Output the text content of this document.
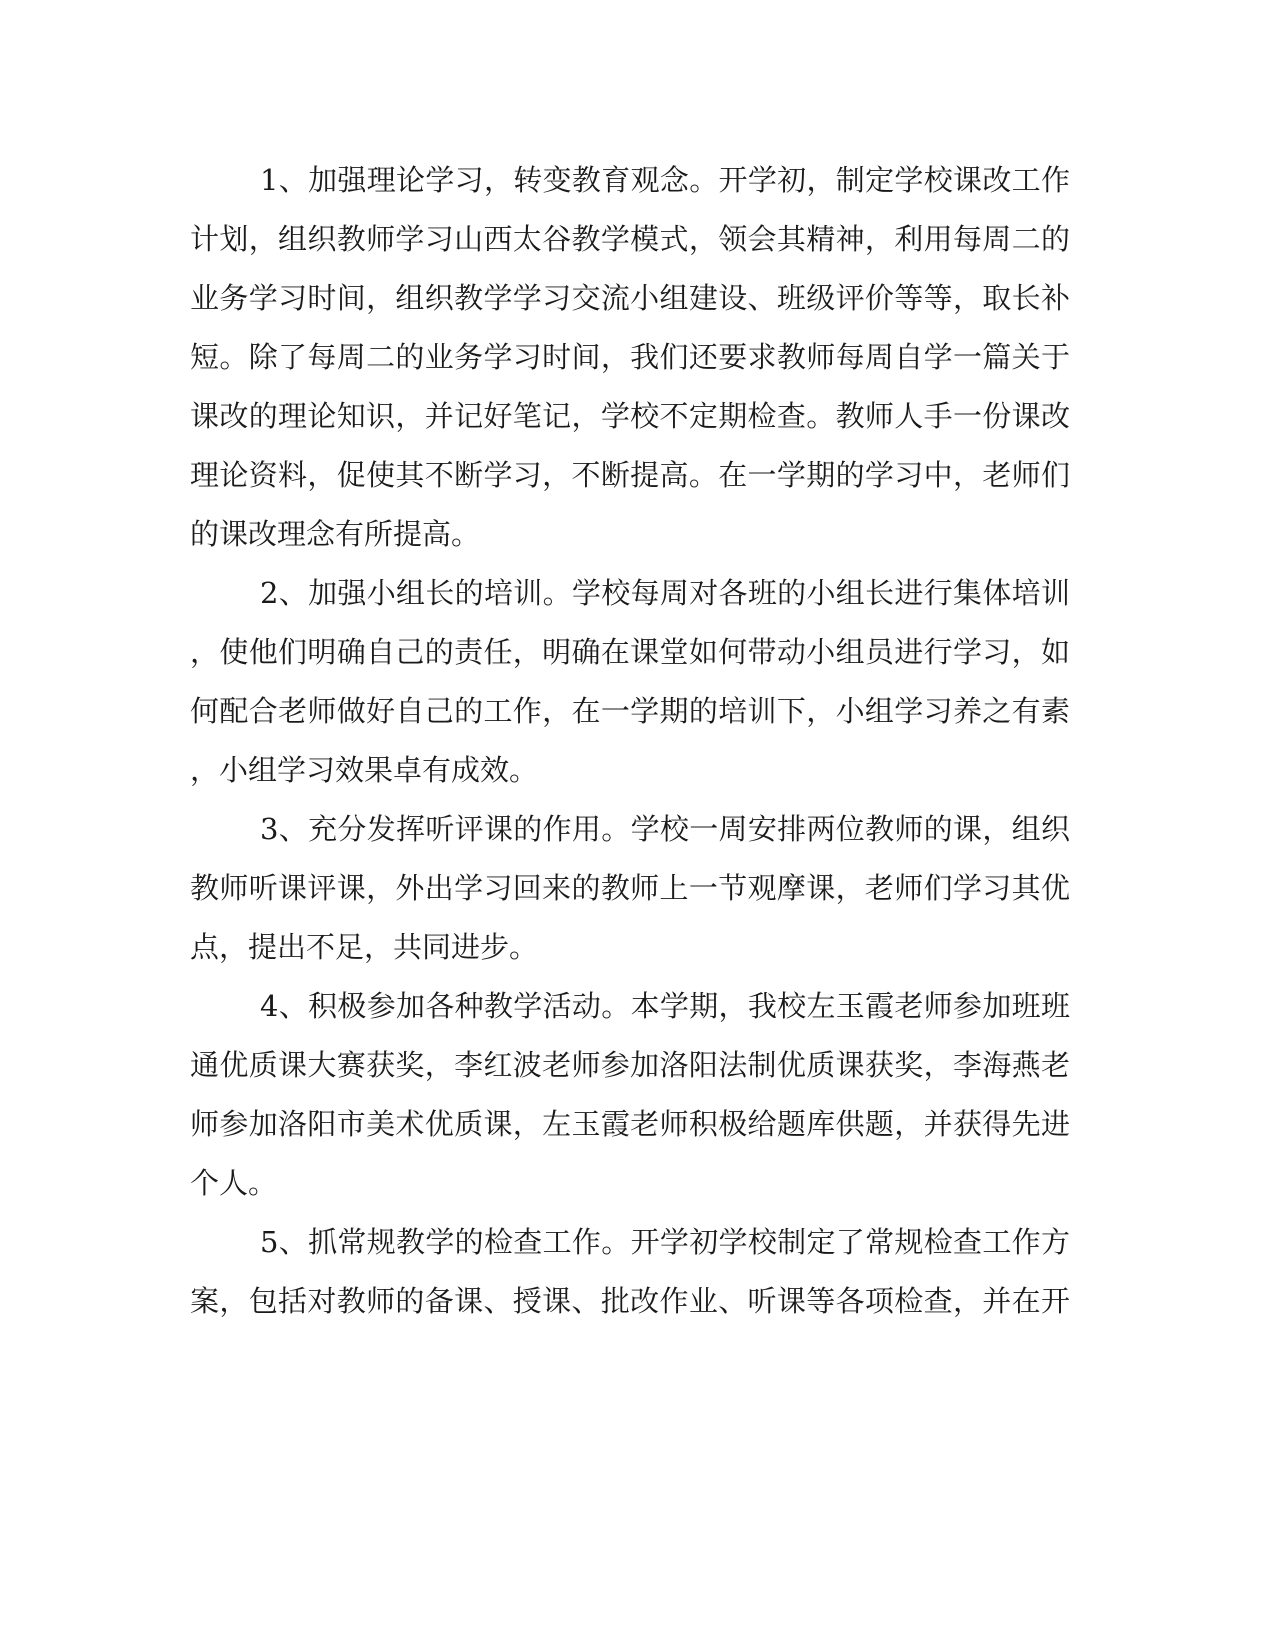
1、加强理论学习，转变教育观念。开学初，制定学校课改工作

计划，组织教师学习山西太谷教学模式，领会其精神，利用每周二的

业务学习时间，组织教学学习交流小组建设、班级评价等等，取长补

短。除了每周二的业务学习时间，我们还要求教师每周自学一篇关于

课改的理论知识，并记好笔记，学校不定期检查。教师人手一份课改

理论资料，促使其不断学习，不断提高。在一学期的学习中，老师们

的课改理念有所提高。

2、加强小组长的培训。学校每周对各班的小组长进行集体培训

，使他们明确自己的责任，明确在课堂如何带动小组员进行学习，如

何配合老师做好自己的工作，在一学期的培训下，小组学习养之有素

，小组学习效果卓有成效。

3、充分发挥听评课的作用。学校一周安排两位教师的课，组织

教师听课评课，外出学习回来的教师上一节观摩课，老师们学习其优

点，提出不足，共同进步。

4、积极参加各种教学活动。本学期，我校左玉霞老师参加班班

通优质课大赛获奖，李红波老师参加洛阳法制优质课获奖，李海燕老

师参加洛阳市美术优质课，左玉霞老师积极给题库供题，并获得先进

个人。

5、抓常规教学的检查工作。开学初学校制定了常规检查工作方

案，包括对教师的备课、授课、批改作业、听课等各项检查，并在开
